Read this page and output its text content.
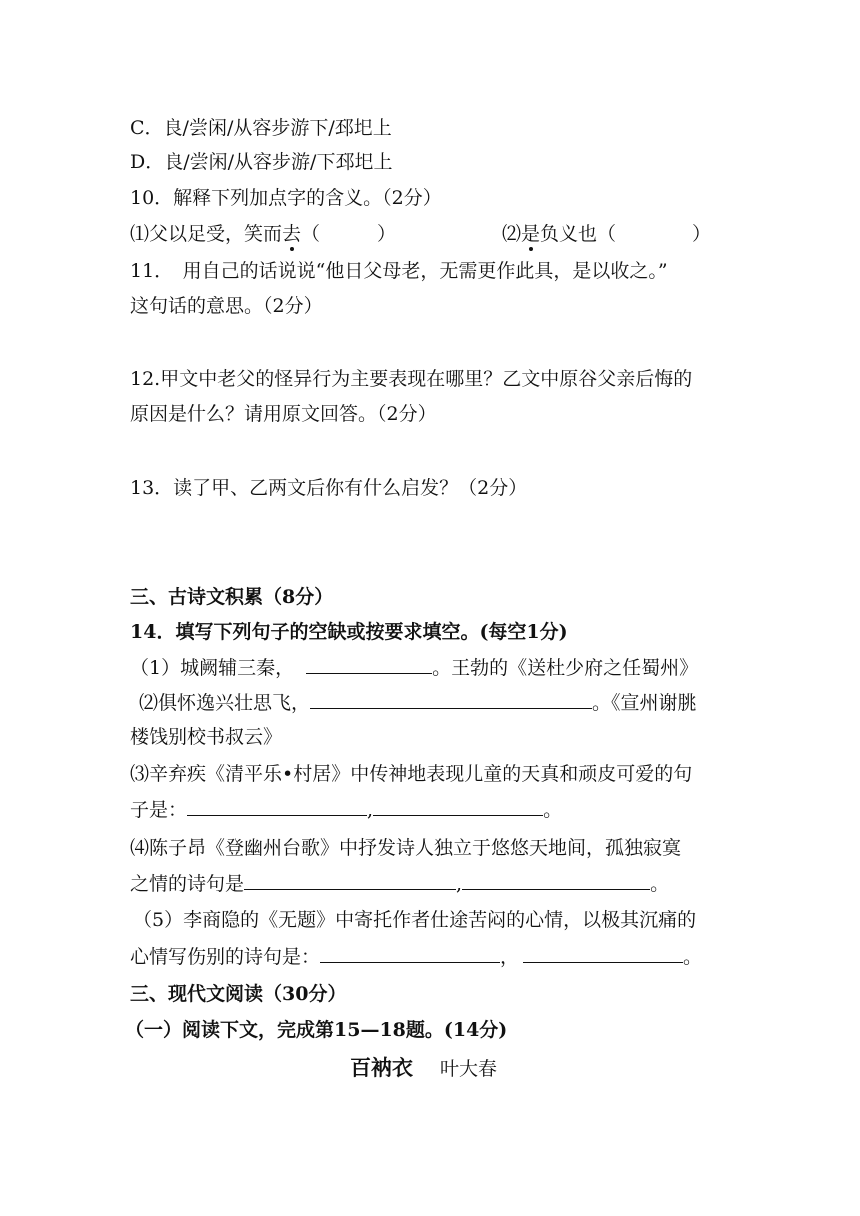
C．良/尝闲/从容步游下/邳圯上
D．良/尝闲/从容步游/下邳圯上
10．解释下列加点字的含义。（2分）
⑴父以足受，笑而去（　　　）	⑵是负义也（　　　　）
11．　用自己的话说说“他日父母老，无需更作此具，是以收之。”
这句话的意思。（2分）
12.甲文中老父的怪异行为主要表现在哪里？乙文中原谷父亲后悔的
原因是什么？请用原文回答。（2分）
13．读了甲、乙两文后你有什么启发？（2分）
三、古诗文积累（8分）
14．填写下列句子的空缺或按要求填空。(每空1分)
（1）城阙辅三秦，	。王勃的《送杜少府之任蜀州》
⑵俱怀逸兴壮思飞，	。《宣州谢朓
楼饯别校书叔云》
⑶辛弃疾《清平乐•村居》中传神地表现儿童的天真和顽皮可爱的句
子是：	,	。
⑷陈子昂《登幽州台歌》中抒发诗人独立于悠悠天地间，孤独寂寞
之情的诗句是	,	。
（5）李商隐的《无题》中寄托作者仕途苦闷的心情，以极其沉痛的
心情写伤别的诗句是：	，	。
三、现代文阅读（30分）
（一）阅读下文，完成第15—18题。(14分)
百衲衣 叶大春
